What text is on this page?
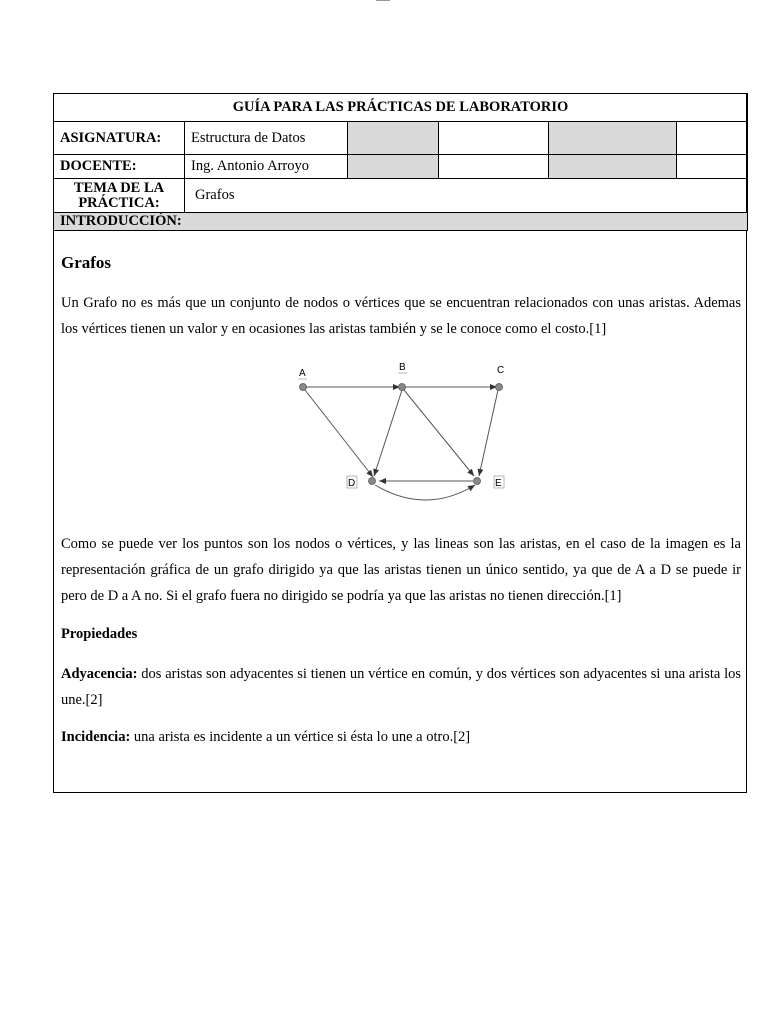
GUÍA PARA LAS PRÁCTICAS DE LABORATORIO					
ASIGNATURA:	Estructura de Datos				
DOCENTE:	Ing. Antonio Arroyo				

TEMA DE LA
PRÁCTICA:	Grafos				
INTRODUCCIÓN:					
Grafos
Un Grafo no es más que un conjunto de nodos o vértices que se encuentran relacionados con unas aristas. Ademas los vértices tienen un valor y en ocasiones las aristas también y se le conoce como el costo.[1]
A
B	C
D	E
Como se puede ver los puntos son los nodos o vértices, y las lineas son las aristas, en el caso de la imagen es la representación gráfica de un grafo dirigido ya que las aristas tienen un único sentido, ya que de A a D se puede ir pero de D a A no. Si el grafo fuera no dirigido se podría ya que las aristas no tienen dirección.[1]
Propiedades
Adyacencia: dos aristas son adyacentes si tienen un vértice en común, y dos vértices son adyacentes si una arista los une.[2]
Incidencia: una arista es incidente a un vértice si ésta lo une a otro.[2]
